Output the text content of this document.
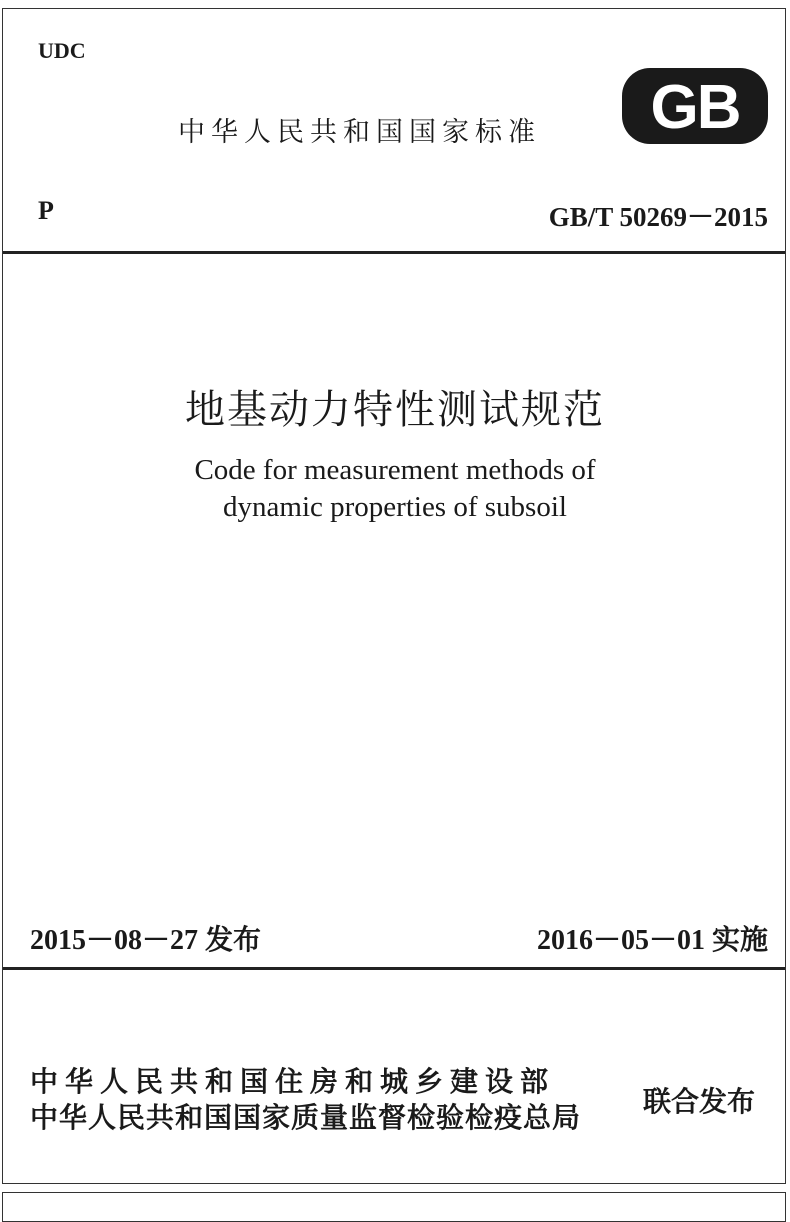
UDC
中华人民共和国国家标准 GB
P	GB/T 50269－2015
地基动力特性测试规范
Code for measurement methods of dynamic properties of subsoil
2015－08－27 发布	2016－05－01 实施
中华人民共和国住房和城乡建设部
中华人民共和国国家质量监督检验检疫总局 联合发布
